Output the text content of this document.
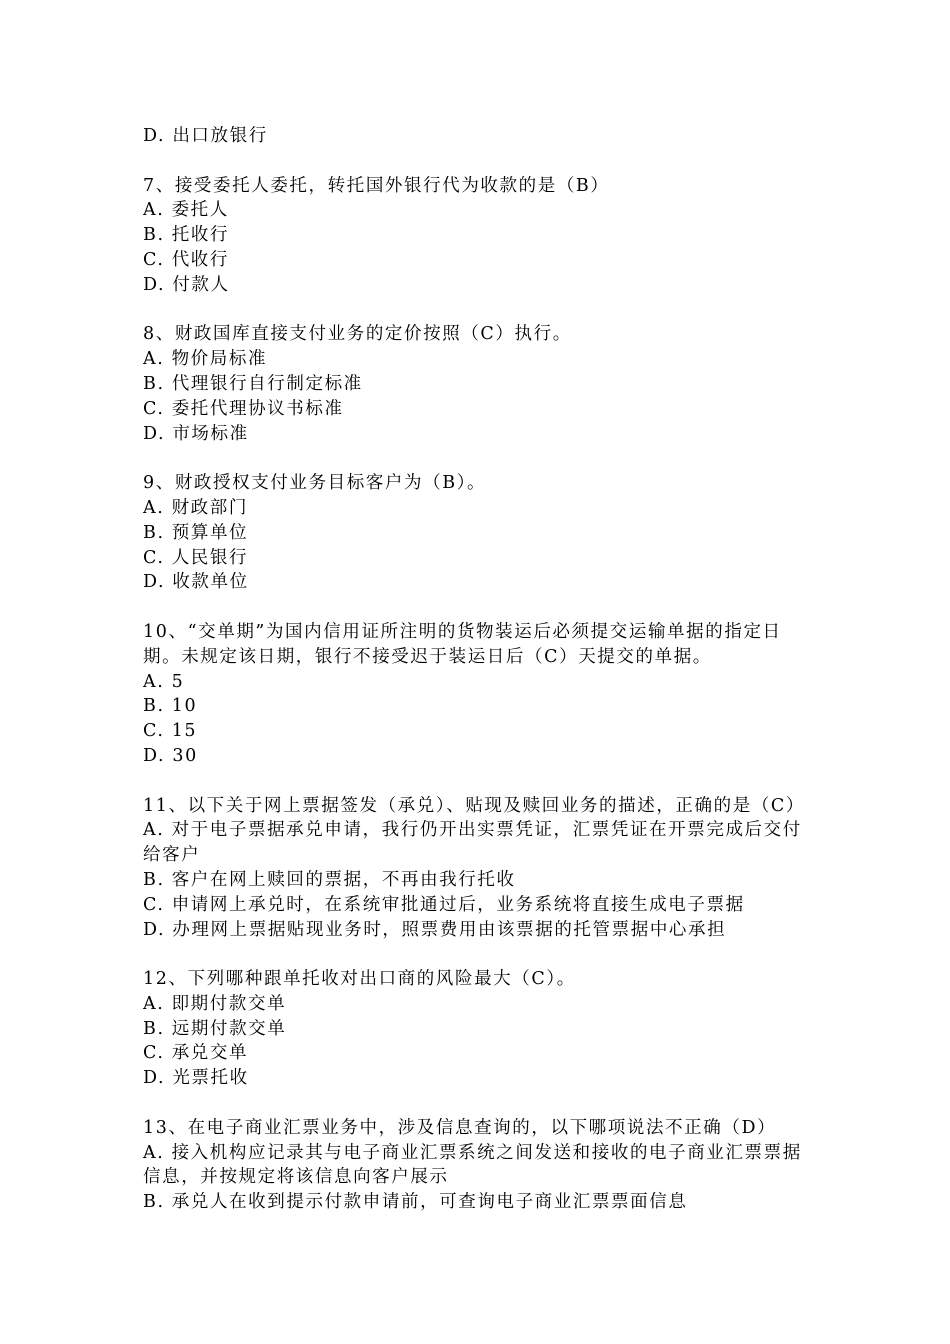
D. 出口放银行

7、接受委托人委托，转托国外银行代为收款的是（B）

A. 委托人

B. 托收行

C. 代收行

D. 付款人

8、财政国库直接支付业务的定价按照（C）执行。

A. 物价局标准

B. 代理银行自行制定标准

C. 委托代理协议书标准

D. 市场标准

9、财政授权支付业务目标客户为（B）。

A. 财政部门

B. 预算单位

C. 人民银行

D. 收款单位

10、“交单期”为国内信用证所注明的货物装运后必须提交运输单据的指定日

期。未规定该日期，银行不接受迟于装运日后（C）天提交的单据。

A. 5

B. 10

C. 15

D. 30

11、以下关于网上票据签发（承兑）、贴现及赎回业务的描述，正确的是（C）

A. 对于电子票据承兑申请，我行仍开出实票凭证，汇票凭证在开票完成后交付

给客户

B. 客户在网上赎回的票据，不再由我行托收

C. 申请网上承兑时，在系统审批通过后，业务系统将直接生成电子票据

D. 办理网上票据贴现业务时，照票费用由该票据的托管票据中心承担

12、下列哪种跟单托收对出口商的风险最大（C）。

A. 即期付款交单

B. 远期付款交单

C. 承兑交单

D. 光票托收

13、在电子商业汇票业务中，涉及信息查询的，以下哪项说法不正确（D）

A. 接入机构应记录其与电子商业汇票系统之间发送和接收的电子商业汇票票据

信息，并按规定将该信息向客户展示

B. 承兑人在收到提示付款申请前，可查询电子商业汇票票面信息
